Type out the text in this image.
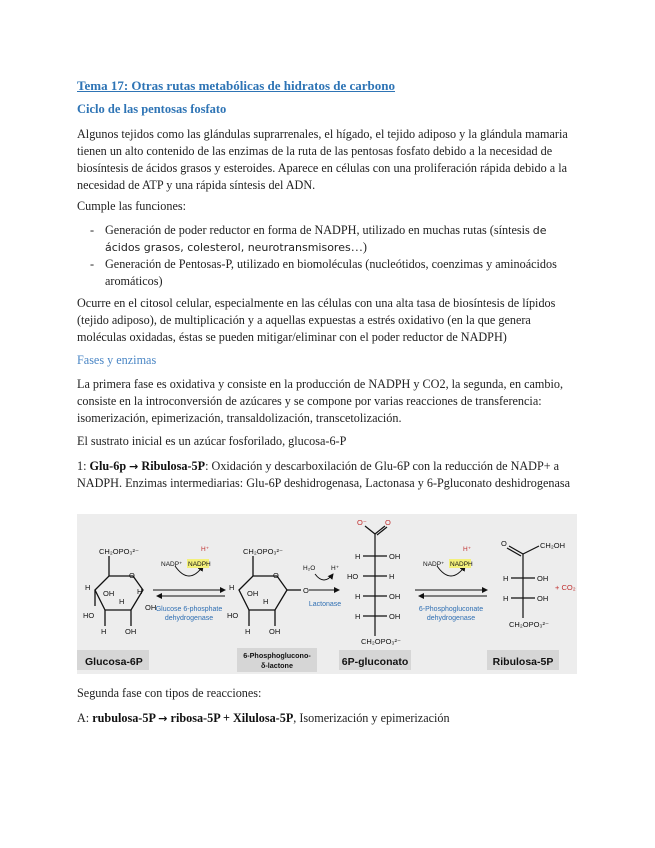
Tema 17: Otras rutas metabólicas de hidratos de carbono
Ciclo de las pentosas fosfato

Algunos tejidos como las glándulas suprarrenales, el hígado, el tejido adiposo y la glándula mamaria tienen un alto contenido de las enzimas de la ruta de las pentosas fosfato debido a la necesidad de biosíntesis de ácidos grasos y esteroides. Aparece en células con una proliferación rápida debido a la necesidad de ATP y una rápida síntesis del ADN.

Cumple las funciones:

- Generación de poder reductor en forma de NADPH, utilizado en muchas rutas (síntesis de ácidos grasos, colesterol, neurotransmisores…)
- Generación de Pentosas-P, utilizado en biomoléculas (nucleótidos, coenzimas y aminoácidos aromáticos)

Ocurre en el citosol celular, especialmente en las células con una alta tasa de biosíntesis de lípidos (tejido adiposo), de multiplicación y a aquellas expuestas a estrés oxidativo (en la que genera moléculas oxidadas, éstas se pueden mitigar/eliminar con el poder reductor de NADPH)

Fases y enzimas

La primera fase es oxidativa y consiste en la producción de NADPH y CO2, la segunda, en cambio, consiste en la introconversión de azúcares y se compone por varias reacciones de transferencia: isomerización, epimerización, transaldolización, transcetolización.

El sustrato inicial es un azúcar fosforilado, glucosa-6-P

1: Glu-6p → Ribulosa-5P: Oxidación y descarboxilación de Glu-6P con la reducción de NADP+ a NADPH. Enzimas intermediarias: Glu-6P deshidrogenasa, Lactonasa y 6-Pgluconato deshidrogenasa

Segunda fase con tipos de reacciones:

A: rubulosa-5P → ribosa-5P + Xilulosa-5P, Isomerización y epimerización

Glucosa-6P
6-Phosphoglucono-
δ-lactone	6P-gluconato	Ribulosa-5P
CH₂OPO₃²⁻
O
H	H
OH
H
OH
HO
H OH
NADP⁺ NADPH
H⁺
Glucose 6-phosphate
dehydrogenase
CH₂OPO₃²⁻
O
O
H
OH
H
HO
H OH
H₂O H⁺
Lactonase
O⁻ O
H	OH
HO	H
H	OH
H	OH
CH₂OPO₃²⁻
NADP⁺ NADPH
H⁺
6-Phosphogluconate
dehydrogenase
CH₂OH
O
H	OH
H	OH
CH₂OPO₃²⁻
+ CO₂
